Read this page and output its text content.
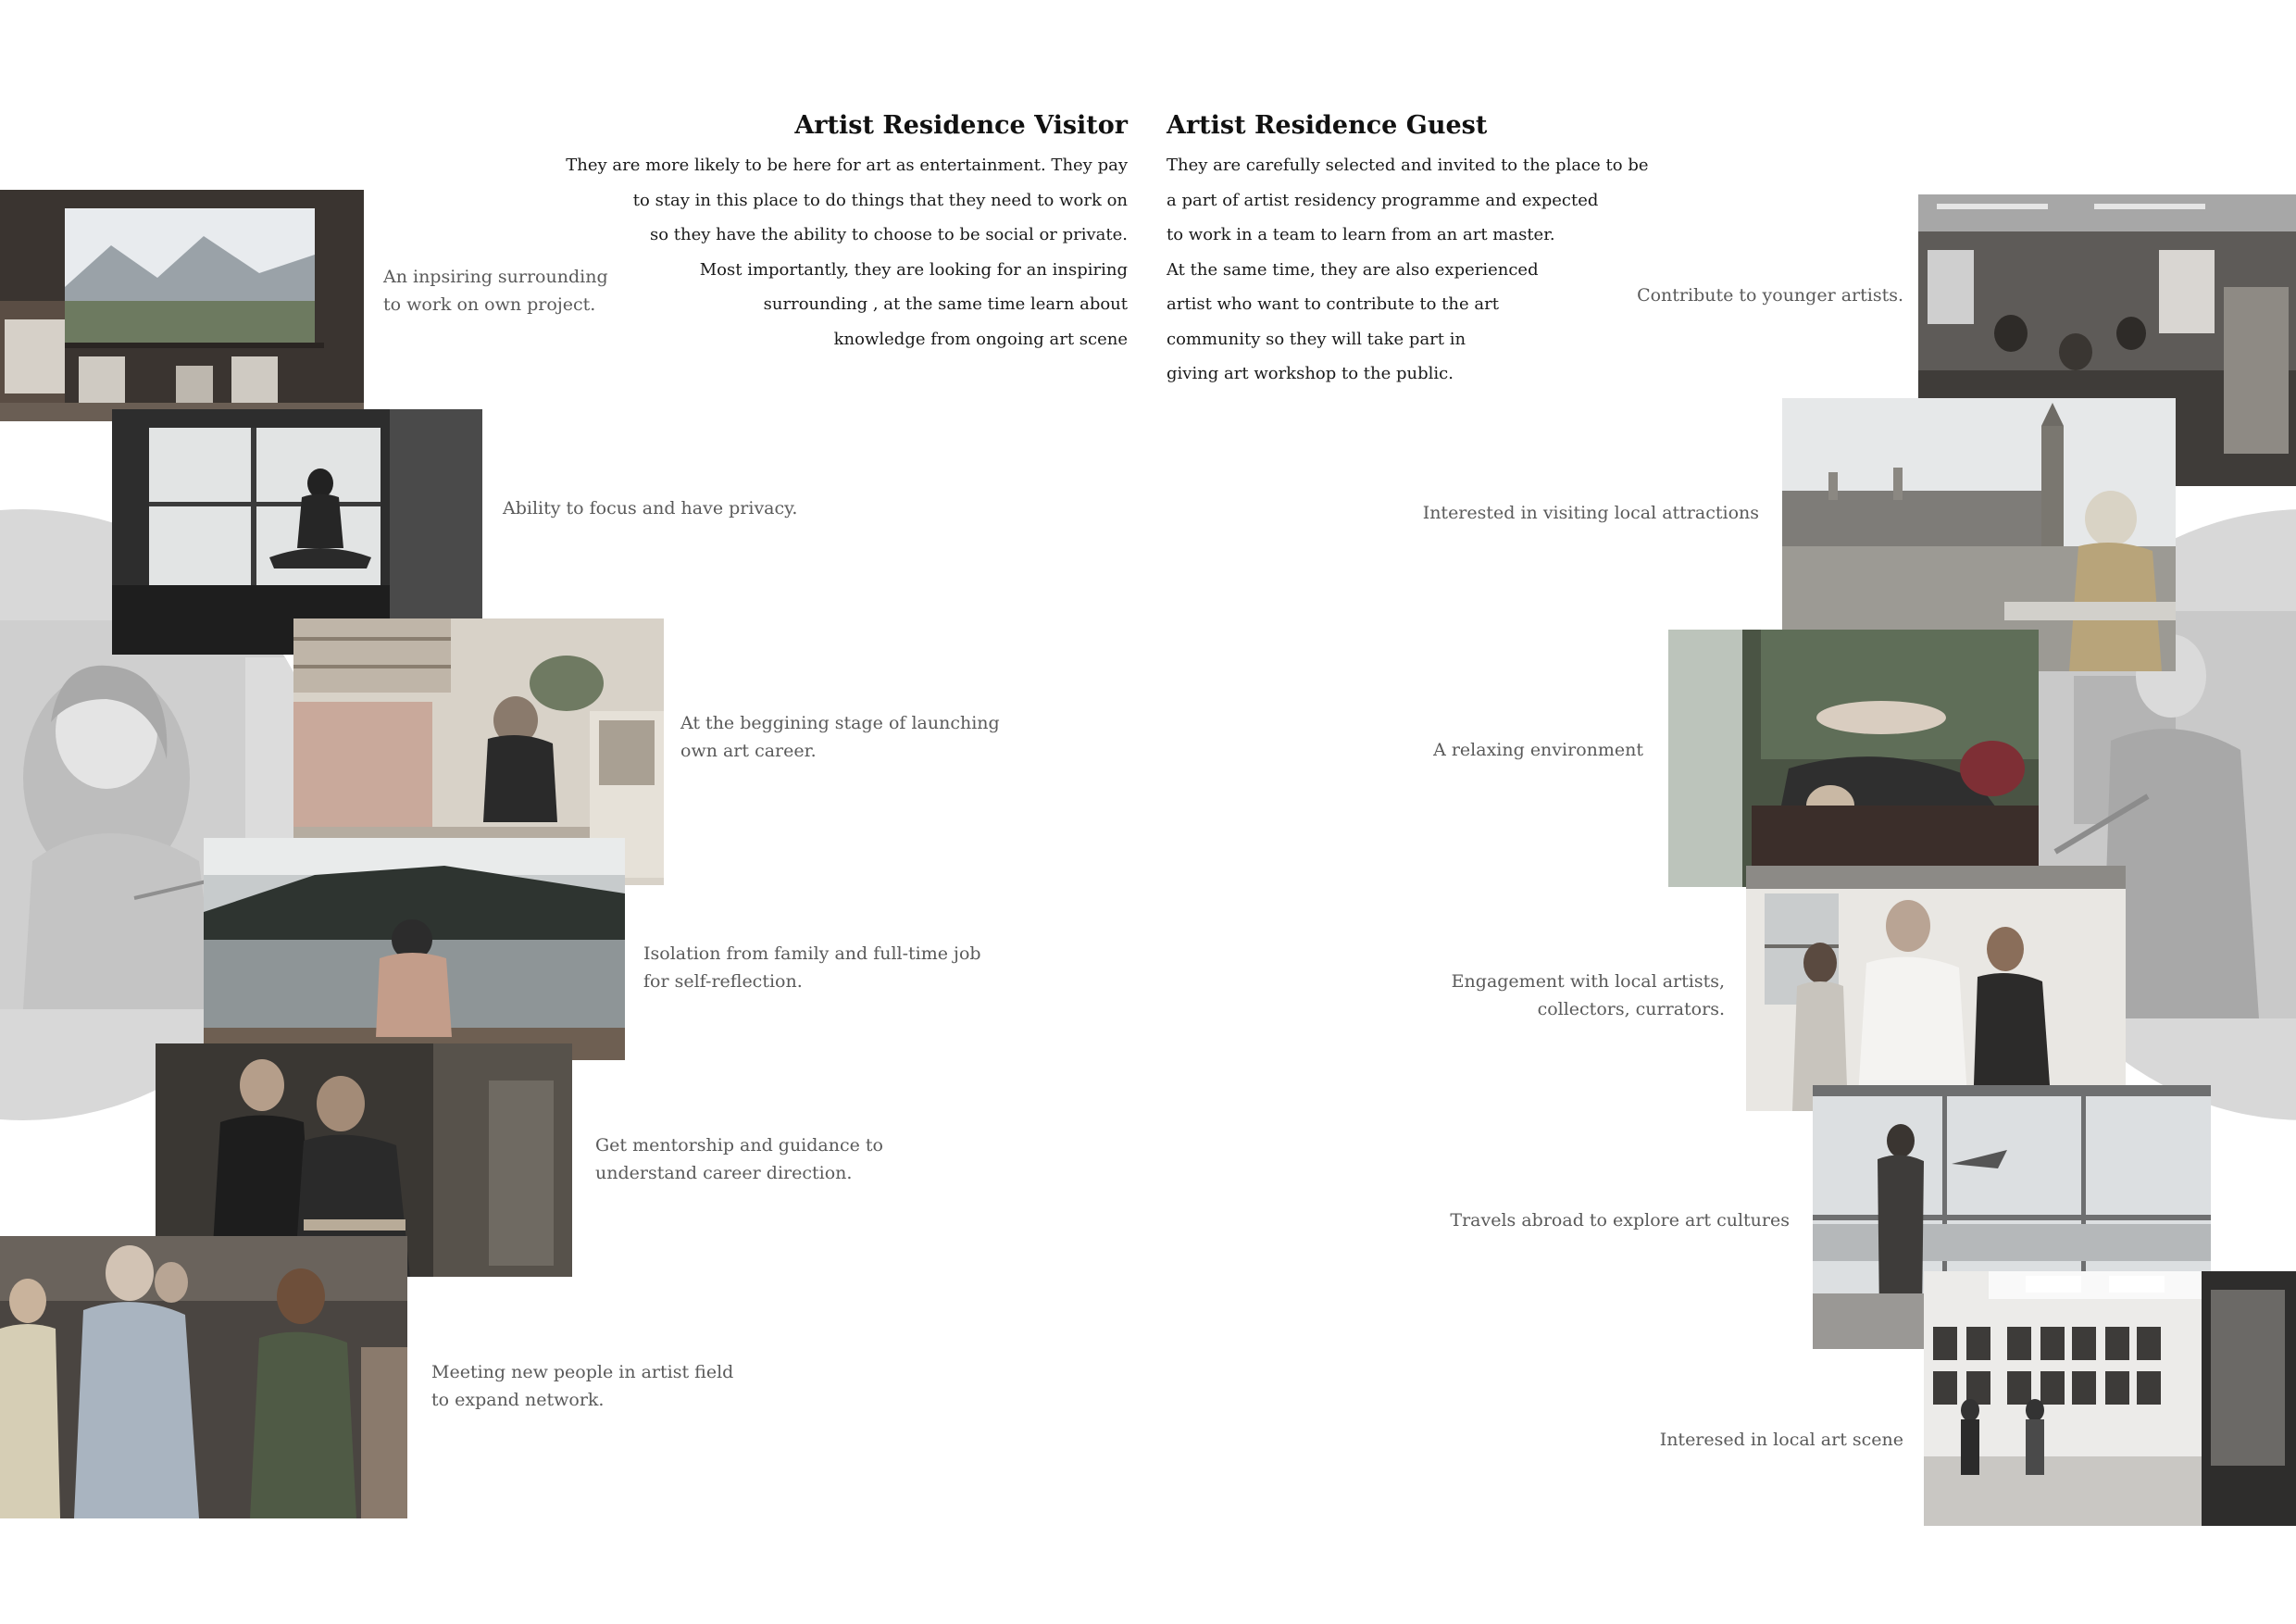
An inpsiring surrounding
to work on own project.
Ability to focus and have privacy.
At the beggining stage of launching
own art career.
Isolation from family and full-time job
for self-reflection.
Get mentorship and guidance to
understand career direction.
Meeting new people in artist field
to expand network.
Contribute to younger artists.
Interested in visiting local attractions
A relaxing environment
Engagement with local artists,
collectors, currators.
Travels abroad to explore art cultures
Interesed in local art scene
Artist Residence Visitor
They are more likely to be here for art as entertainment. They pay
to stay in this place to do things that they need to work on
so they have the ability to choose to be social or private.
Most importantly, they are looking for an inspiring
surrounding , at the same time learn about
knowledge from ongoing art scene
Artist Residence Guest
They are carefully selected and invited to the place to be
a part of artist residency programme and expected
to work in a team to learn from an art master.
At the same time, they are also experienced
artist who want to contribute to the art
community so they will take part in
giving art workshop to the public.
